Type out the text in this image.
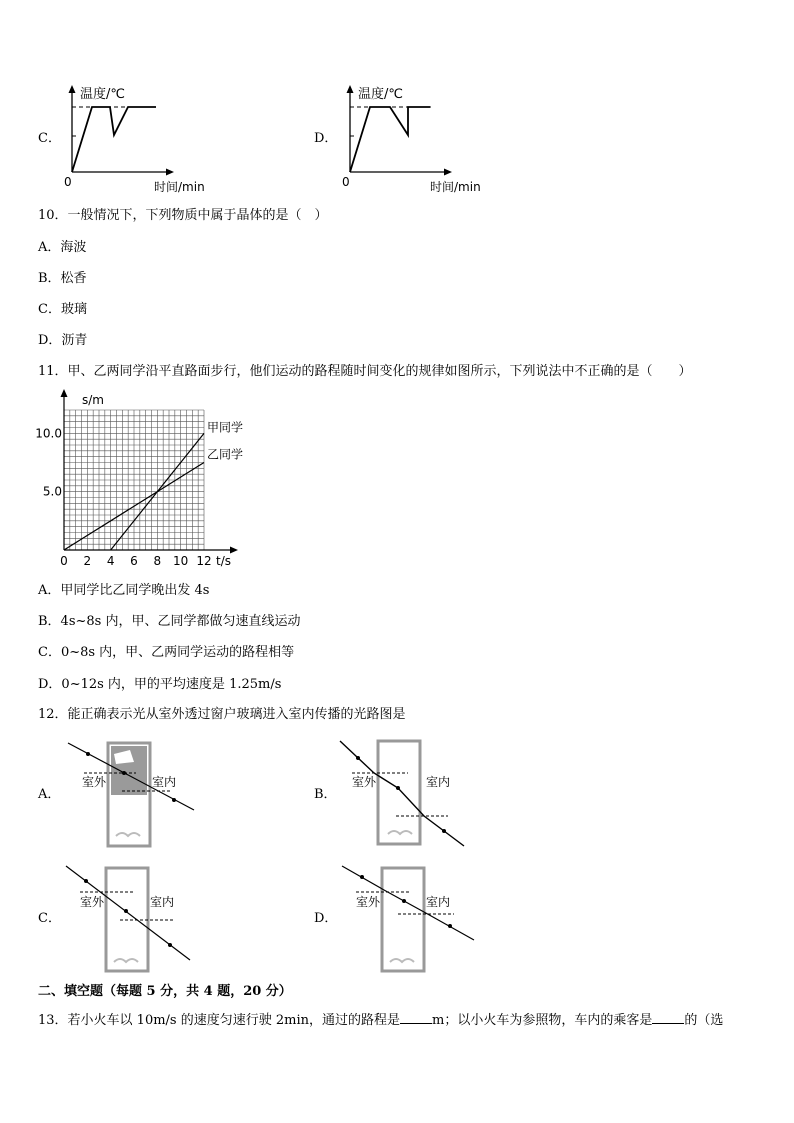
C．
温度/℃
0	时间/min
D．
温度/℃
0	时间/min
10．一般情况下，下列物质中属于晶体的是（　）
A．海波
B．松香
C．玻璃
D．沥青
11．甲、乙两同学沿平直路面步行，他们运动的路程随时间变化的规律如图所示，下列说法中不正确的是（　　）
甲同学
乙同学
0 2 4 6 8 10 12
5.0
10.0
t/s
s/m
A．甲同学比乙同学晚出发 4s
B．4s~8s 内，甲、乙同学都做匀速直线运动
C．0~8s 内，甲、乙两同学运动的路程相等
D．0~12s 内，甲的平均速度是 1.25m/s
12．能正确表示光从室外透过窗户玻璃进入室内传播的光路图是
A．
室外	室内
B．
室外	室内
C．
室外	室内
D．
室外	室内
二、填空题（每题 5 分，共 4 题，20 分）
13．若小火车以 10m/s 的速度匀速行驶 2min，通过的路程是 m；以小火车为参照物，车内的乘客是 的（选
